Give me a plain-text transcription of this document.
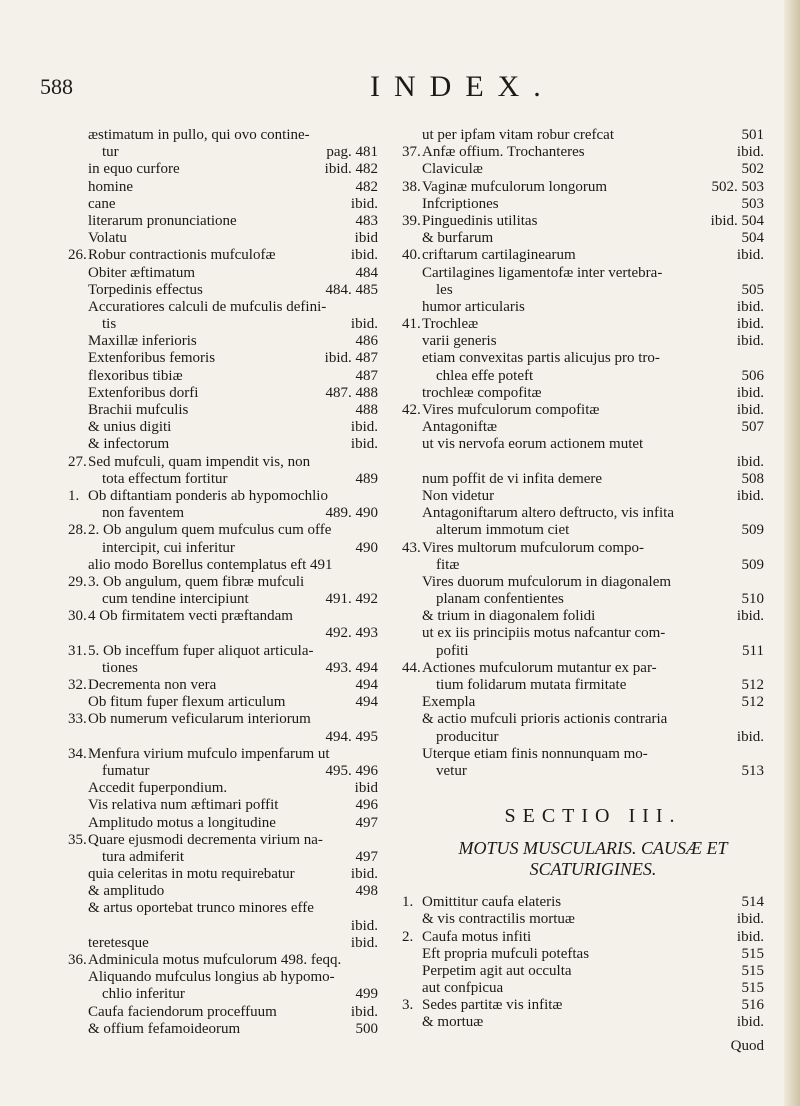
588	INDEX.
æstimatum in pullo, qui ovo contine-
tur	pag. 481
in equo curfore	ibid. 482
homine	482
cane	ibid.
literarum pronunciatione	483
Volatu	ibid
26. Robur contractionis mufculofæ	ibid.
Obiter æftimatum	484
Torpedinis effectus	484. 485
Accuratiores calculi de mufculis defini-
tis	ibid.
Maxillæ inferioris	486
Extenforibus femoris	ibid. 487
flexoribus tibiæ	487
Extenforibus dorfi	487. 488
Brachii mufculis	488
& unius digiti	ibid.
& infectorum	ibid.
27. Sed mufculi, quam impendit vis, non
tota effectum fortitur	489
1. Ob diftantiam ponderis ab hypomochlio
non faventem	489. 490
28. 2. Ob angulum quem mufculus cum offe
intercipit, cui inferitur	490
alio modo Borellus contemplatus eft 491
29. 3. Ob angulum, quem fibræ mufculi
cum tendine intercipiunt	491. 492
30. 4 Ob firmitatem vecti præftandam
492. 493
31. 5. Ob inceffum fuper aliquot articula-
tiones	493. 494
32. Decrementa non vera	494
Ob fitum fuper flexum articulum	494
33. Ob numerum veficularum interiorum
494. 495
34. Menfura virium mufculo impenfarum ut
fumatur	495. 496
Accedit fuperpondium.	ibid
Vis relativa num æftimari poffit	496
Amplitudo motus a longitudine	497
35. Quare ejusmodi decrementa virium na-
tura admiferit	497
quia celeritas in motu requirebatur	ibid.
& amplitudo	498
& artus oportebat trunco minores effe
ibid.
teretesque	ibid.
36. Adminicula motus mufculorum 498. feqq.
Aliquando mufculus longius ab hypomo-
chlio inferitur	499
Caufa faciendorum proceffuum	ibid.
& offium fefamoideorum	500
ut per ipfam vitam robur crefcat	501
37. Anfæ offium. Trochanteres	ibid.
Claviculæ	502
38. Vaginæ mufculorum longorum	502. 503
Infcriptiones	503
39. Pinguedinis utilitas	ibid. 504
& burfarum	504
40. criftarum cartilaginearum	ibid.
Cartilagines ligamentofæ inter vertebra-
les	505
humor articularis	ibid.
41. Trochleæ	ibid.
varii generis	ibid.
etiam convexitas partis alicujus pro tro-
chlea effe poteft	506
trochleæ compofitæ	ibid.
42. Vires mufculorum compofitæ	ibid.
Antagoniftæ	507
ut vis nervofa eorum actionem mutet
ibid.
num poffit de vi infita demere	508
Non videtur	ibid.
Antagoniftarum altero deftructo, vis infita
alterum immotum ciet	509
43. Vires multorum mufculorum compo-
fitæ	509
Vires duorum mufculorum in diagonalem
planam confentientes	510
& trium in diagonalem folidi	ibid.
ut ex iis principiis motus nafcantur com-
pofiti	511
44. Actiones mufculorum mutantur ex par-
tium folidarum mutata firmitate	512
Exempla	512
& actio mufculi prioris actionis contraria
producitur	ibid.
Uterque etiam finis nonnunquam mo-
vetur	513
SECTIO III.
MOTUS MUSCULARIS. CAUSÆ ET
SCATURIGINES.
1. Omittitur caufa elateris	514
& vis contractilis mortuæ	ibid.
2. Caufa motus infiti	ibid.
Eft propria mufculi poteftas	515
Perpetim agit aut occulta	515
aut confpicua	515
3. Sedes partitæ vis infitæ	516
& mortuæ	ibid.
Quod
